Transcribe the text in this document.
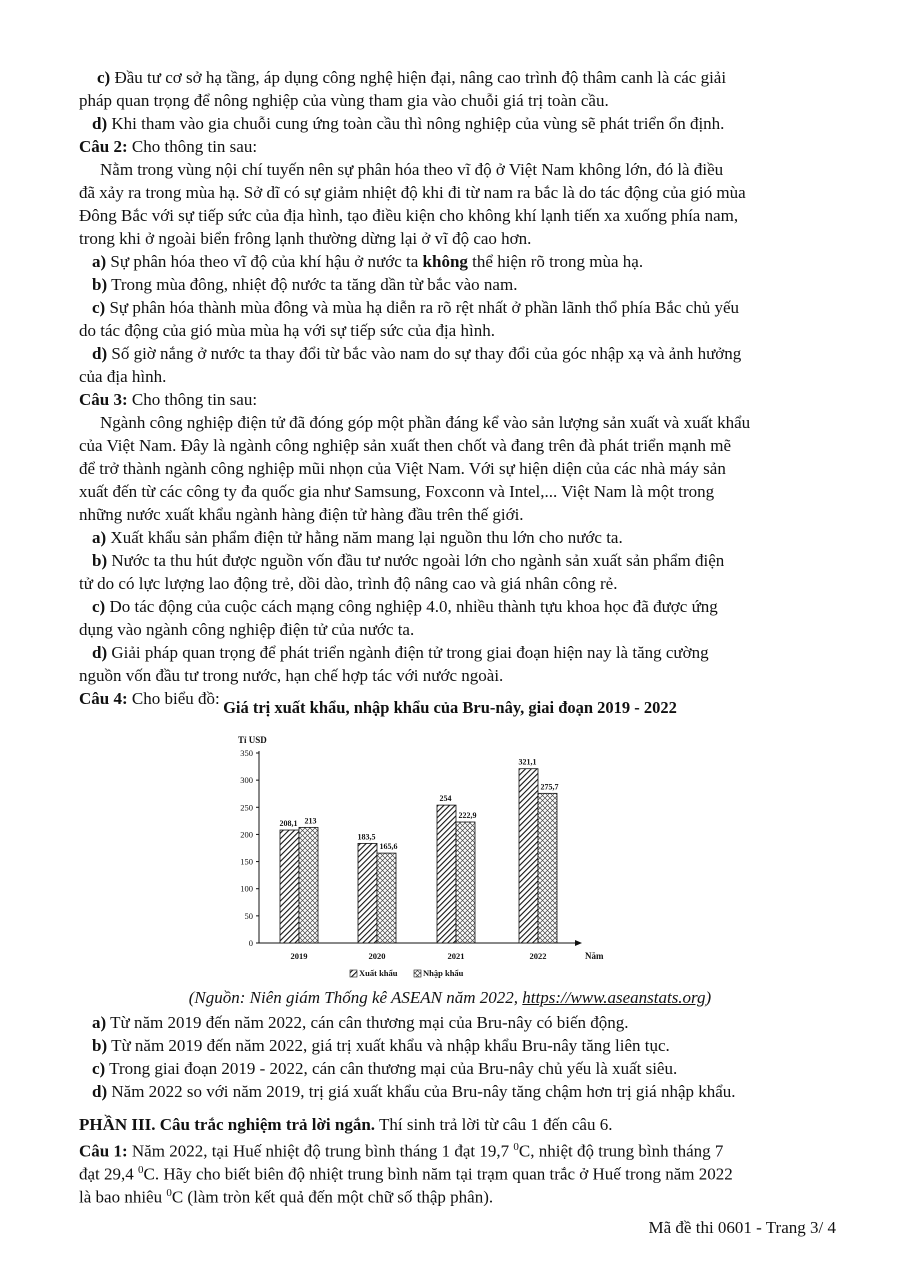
c) Đầu tư cơ sở hạ tầng, áp dụng công nghệ hiện đại, nâng cao trình độ thâm canh là các giải
pháp quan trọng để nông nghiệp của vùng tham gia vào chuỗi giá trị toàn cầu.
d) Khi tham vào gia chuỗi cung ứng toàn cầu thì nông nghiệp của vùng sẽ phát triển ổn định.
Câu 2: Cho thông tin sau:
Nằm trong vùng nội chí tuyến nên sự phân hóa theo vĩ độ ở Việt Nam không lớn, đó là điều
đã xảy ra trong mùa hạ. Sở dĩ có sự giảm nhiệt độ khi đi từ nam ra bắc là do tác động của gió mùa
Đông Bắc với sự tiếp sức của địa hình, tạo điều kiện cho không khí lạnh tiến xa xuống phía nam,
trong khi ở ngoài biển frông lạnh thường dừng lại ở vĩ độ cao hơn.
a) Sự phân hóa theo vĩ độ của khí hậu ở nước ta không thể hiện rõ trong mùa hạ.
b) Trong mùa đông, nhiệt độ nước ta tăng dần từ bắc vào nam.
c) Sự phân hóa thành mùa đông và mùa hạ diễn ra rõ rệt nhất ở phần lãnh thổ phía Bắc chủ yếu
do tác động của gió mùa mùa hạ với sự tiếp sức của địa hình.
d) Số giờ nắng ở nước ta thay đổi từ bắc vào nam do sự thay đổi của góc nhập xạ và ảnh hưởng
của địa hình.
Câu 3: Cho thông tin sau:
Ngành công nghiệp điện tử đã đóng góp một phần đáng kể vào sản lượng sản xuất và xuất khẩu
của Việt Nam. Đây là ngành công nghiệp sản xuất then chốt và đang trên đà phát triển mạnh mẽ
để trở thành ngành công nghiệp mũi nhọn của Việt Nam. Với sự hiện diện của các nhà máy sản
xuất đến từ các công ty đa quốc gia như Samsung, Foxconn và Intel,... Việt Nam là một trong
những nước xuất khẩu ngành hàng điện tử hàng đầu trên thế giới.
a) Xuất khẩu sản phẩm điện tử hằng năm mang lại nguồn thu lớn cho nước ta.
b) Nước ta thu hút được nguồn vốn đầu tư nước ngoài lớn cho ngành sản xuất sản phẩm điện
tử do có lực lượng lao động trẻ, dồi dào, trình độ nâng cao và giá nhân công rẻ.
c) Do tác động của cuộc cách mạng công nghiệp 4.0, nhiều thành tựu khoa học đã được ứng
dụng vào ngành công nghiệp điện tử của nước ta.
d) Giải pháp quan trọng để phát triển ngành điện tử trong giai đoạn hiện nay là tăng cường
nguồn vốn đầu tư trong nước, hạn chế hợp tác với nước ngoài.
Câu 4: Cho biểu đồ:
a) Từ năm 2019 đến năm 2022, cán cân thương mại của Bru-nây có biến động.
b) Từ năm 2019 đến năm 2022, giá trị xuất khẩu và nhập khẩu Bru-nây tăng liên tục.
c) Trong giai đoạn 2019 - 2022, cán cân thương mại của Bru-nây chủ yếu là xuất siêu.
d) Năm 2022 so với năm 2019, trị giá xuất khẩu của Bru-nây tăng chậm hơn trị giá nhập khẩu.
PHẦN III. Câu trắc nghiệm trả lời ngắn. Thí sinh trả lời từ câu 1 đến câu 6.
Câu 1: Năm 2022, tại Huế nhiệt độ trung bình tháng 1 đạt 19,7 $^0$C, nhiệt độ trung bình tháng 7
đạt 29,4 $^0$C. Hãy cho biết biên độ nhiệt trung bình năm tại trạm quan trắc ở Huế trong năm 2022
là bao nhiêu $^0$C (làm tròn kết quả đến một chữ số thập phân).
Giá trị xuất khẩu, nhập khẩu của Bru-nây, giai đoạn 2019 - 2022
0
50
100
150
200
250
300
350
Tỉ USD
Năm
208,1 213
2019
183,5
165,6
2020
254
222,9
2021
321,1
275,7
2022
Xuất khẩu	Nhập khẩu
(Nguồn: Niên giám Thống kê ASEAN năm 2022, https://www.aseanstats.org)
Mã đề thi 0601 - Trang 3/ 4
